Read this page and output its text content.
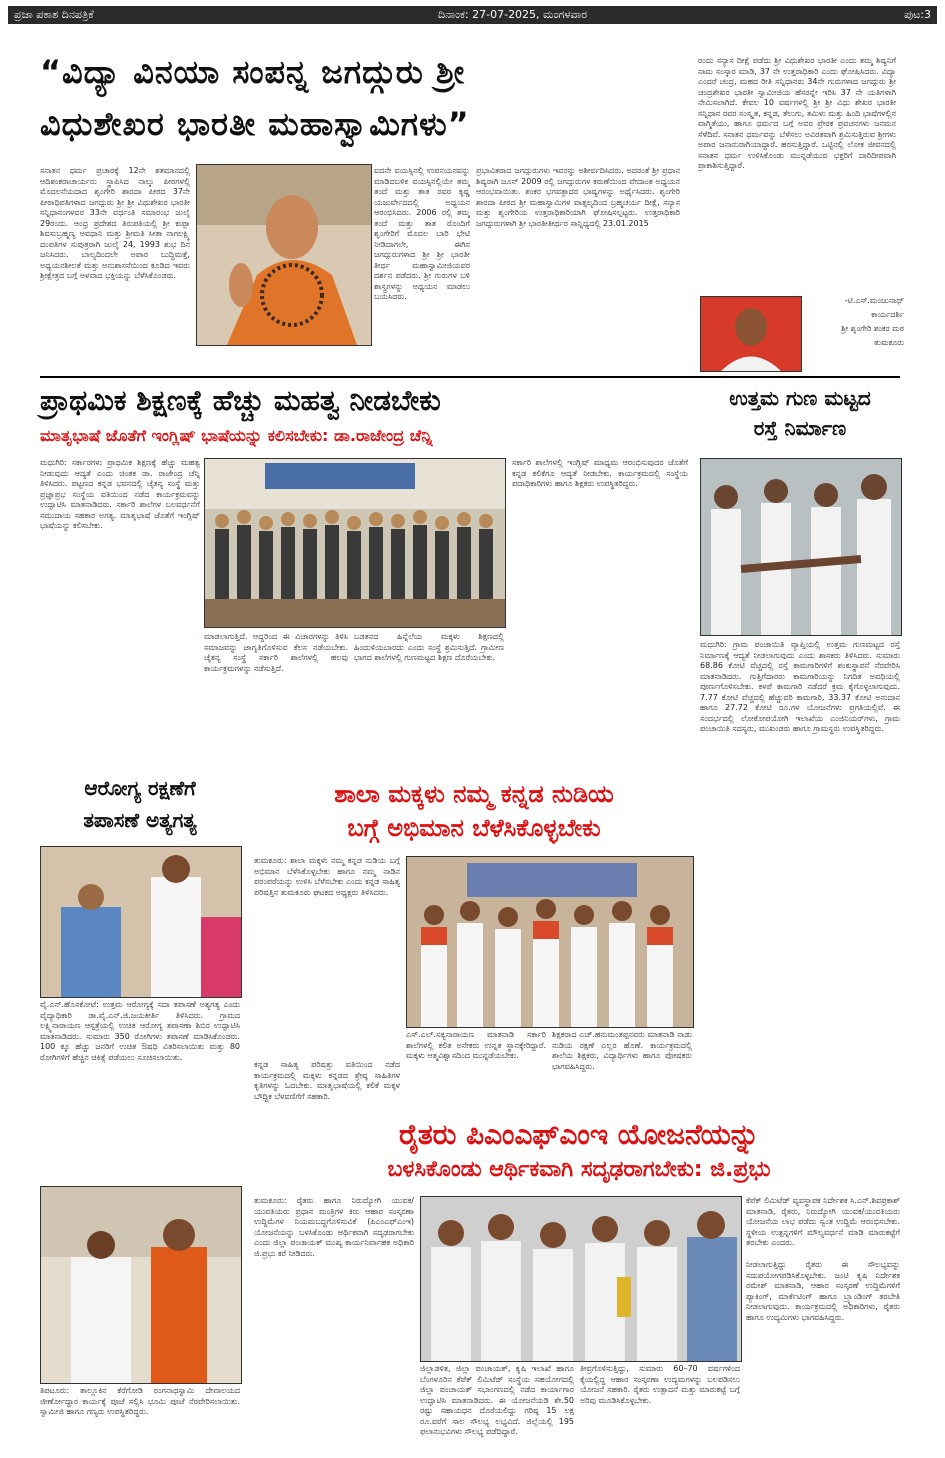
ಪ್ರಜಾ ಪಕಾಶ ದಿನಪತ್ರಿಕೆ	ದಿನಾಂಕ: 27-07-2025, ಮಂಗಳವಾರ	ಪುಟ:3
“ವಿದ್ಯಾ ವಿನಯಾ ಸಂಪನ್ನ ಜಗದ್ಗುರು ಶ್ರೀ
ವಿಧುಶೇಖರ ಭಾರತೀ ಮಹಾಸ್ವಾಮಿಗಳು”
ಸನಾತನ ಧರ್ಮ ಪ್ರಚಾರಕ್ಕೆ 12ನೇ ಶತಮಾನದಲ್ಲಿ ಆದಿಶಂಕರಾಚಾರ್ಯರು ಸ್ಥಾಪಿಸಿದ ನಾಲ್ಕು ಪೀಠಗಳಲ್ಲಿ ಮೊದಲನೆಯದಾದ ಶೃಂಗೇರಿ ಶಾರದಾ ಪೀಠದ 37ನೇ ಪೀಠಾಧಿಪತಿಗಳಾದ ಜಗದ್ಗುರು ಶ್ರೀ ಶ್ರೀ ವಿಧುಶೇಖರ ಭಾರತೀ ಸನ್ನಿಧಾನಂಗಳವರ 33ನೇ ವರ್ಧಂತಿ ಸಮಾರಂಭ ಜುಲೈ 29ರಂದು. ಆಂಧ್ರ ಪ್ರದೇಶದ ತಿರುಪತಿಯಲ್ಲಿ ಶ್ರೀ ಕುಪ್ಪಾ ಶಿವಸುಬ್ರಹ್ಮಣ್ಯ ಅವಧಾನಿ ಮತ್ತು ಶ್ರೀಮತಿ ಸೀತಾ ನಾಗಲಕ್ಷ್ಮಿ ದಂಪತಿಗಳ ಸುಪುತ್ರರಾಗಿ ಜುಲೈ 24, 1993 ಶುಭ ದಿನ ಜನಿಸಿದರು. ಬಾಲ್ಯದಿಂದಲೇ ಅಪಾರ ಬುದ್ಧಿಮತ್ತೆ, ಅಧ್ಯಯನಶೀಲತೆ ಮತ್ತು ಅನುಶಾಸನೆಯಿಂದ ಕೂಡಿದ ಇವರು ಶ್ರೀಕ್ಷೇತ್ರದ ಬಗ್ಗೆ ಅಳವಾದ ಭಕ್ತಿಯನ್ನು ಬೆಳೆಸಿಕೊಂಡರು.
ಐದನೇ ವಯಸ್ಸಿನಲ್ಲಿ ಉಪನಯನವನ್ನು ಮಾಡಿದಬಳಿಕ ವಯಸ್ಸಿನಲ್ಲಿಯೇ ತಮ್ಮ ತಂದೆ ಮತ್ತು ತಾತ ರವರ ಕೃಷ್ಣ ಯಜುರ್ವೇದದಲ್ಲಿ ಅಧ್ಯಯನ ಆರಂಭಿಸಿದರು. 2006 ರಲ್ಲಿ ತಮ್ಮ ತಂದೆ ಮತ್ತು ತಾತ ರೊಂದಿಗೆ ಶೃಂಗೇರಿಗೆ ಮೊದಲ ಬಾರಿ ಭೇಟಿ ನೀಡಿದಾಗಲೇ, ಈಗಿನ ಜಗದ್ಗುರುಗಳಾದ ಶ್ರೀ ಶ್ರೀ ಭಾರತೀ ತೀರ್ಥ ಮಹಾಸ್ವಾಮೀಜಿಯವರ ದರ್ಶನ ಪಡೆದರು. ಶ್ರೀ ಗುರುಗಳ ಬಳಿ ಶಾಸ್ತ್ರಗಳನ್ನು ಅಧ್ಯಯನ ಮಾಡಲು ಬಯಸಿದರು.
ಪ್ರಭಾವಿತರಾದ ಜಗದ್ಗುರುಗಳು ಇವರನ್ನು ಅಶೀರ್ವದಿಸಿದರು. ಅದರಂತೆ ಶ್ರೀ ಪ್ರಧಾನ ಶಿಷ್ಯರಾಗಿ ಜೂನ್ 2009 ರಲ್ಲಿ ಜಗದ್ಗುರುಗಳ ಕರುಣೆಯಿಂದ ವೇದಾಂತ ಅಧ್ಯಯನ ಆರಂಭವಾಯಿತು. ಶಂಕರ ಭಗವತ್ಪಾದರ ಭಾಷ್ಯಗಳನ್ನು ಅರ್ಥೈಸಿದರು. ಶೃಂಗೇರಿ ಶಾರದಾ ಪೀಠದ ಶ್ರೀ ಮಹಾಸ್ವಾಮಿಗಳ ವಾತ್ಸಲ್ಯದಿಂದ ಬ್ರಹ್ಮಚರ್ಯ ದೀಕ್ಷೆ, ಸನ್ಯಾಸ ಮತ್ತು ಶೃಂಗೇರಿಯ ಉತ್ತರಾಧಿಕಾರಿಯಾಗಿ ಘೋಷಿಸಲ್ಪಟ್ಟರು. ಉತ್ತರಾಧಿಕಾರಿ ಜಗದ್ಗುರುಗಳಾಗಿ ಶ್ರೀ ಭಾರತೀತೀರ್ಥರ ಸಾನ್ನಿಧ್ಯದಲ್ಲಿ 23.01.2015
ರಂದು ಸನ್ಯಾಸ ದೀಕ್ಷೆ ಪಡೆದು ಶ್ರೀ ವಿಧುಶೇಖರ ಭಾರತೀ ಎಂದು ತಮ್ಮ ಶಿಷ್ಯನಿಗೆ ನಾಮ ಸಂಸ್ಕಾರ ಮಾಡಿ, 37 ನೇ ಉತ್ತರಾಧಿಕಾರಿ ಎಂದು ಘೋಷಿಸಿದರು. ವಿದ್ಯಾ ಎಂದರೆ ಚಂದ್ರ, ಮಹದ ರೀತಿ ಸನ್ನಿಧಾನರು 34ನೇ ಗುರುಗಳಾದ ಜಗದ್ಗುರು ಶ್ರೀ ಚಂದ್ರಶೇಖರ ಭಾರತೀ ಸ್ವಾಮೀಜಿಯ ಹೆಸರನ್ನೇ ಇರಿಸಿ 37 ನೇ ಯತಿಗಳಾಗಿ ನೇಮಿಸಲಾಗಿದೆ. ಕೇವಲ 10 ವರ್ಷಗಳಲ್ಲಿ ಶ್ರೀ ಶ್ರೀ ವಿಧು ಶೇಖರ ಭಾರತೀ ಸನ್ನಿಧಾನ ರವರ ಸಂಸ್ಕೃತ, ಕನ್ನಡ, ತೆಲುಗು, ತಮಿಳು ಮತ್ತು ಹಿಂದಿ ಭಾಷೆಗಳಲ್ಲಿನ ವಾಗ್ಮಿತೆಯು, ಹಾಗೂ ಧರ್ಮದ ಬಗ್ಗೆ ಅವರ ಪ್ರೇರಕ ಪ್ರವಚನಗಳು ಜನಮನ ಸೆಳೆದಿವೆ. ಸನಾತನ ಧರ್ಮವನ್ನು ಬೆಳೆಸಲು ಅವಿರತವಾಗಿ ಶ್ರಮಿಸುತ್ತಿರುವ ಶ್ರೀಗಳು ಅಪಾರ ಜನಾನುರಾಗಿಯಾದ್ದಾರೆ. ಹರಸುತ್ತಿದ್ದಾರೆ. ಒಟ್ಟಿನಲ್ಲಿ ಲೋಕ ಜೀವನದಲ್ಲಿ ಸನಾತನ ಧರ್ಮ ಉಳಿಸಿಕೊಂಡು ಮುನ್ನಡೆಯುವ ಭಕ್ತರಿಗೆ ದಾರಿದೀಪವಾಗಿ ಪ್ರಾಕಾಶಿಸುತ್ತಿದ್ದಾರೆ.
-ಟಿ.ಎಸ್.ಮಂಜುನಾಥ್
ಕಾರ್ಯದರ್ಶಿ
ಶ್ರೀ ಶೃಂಗೇರಿ ಶಂಕರ ಮಠ
ತುಮಕೂರು
ಪ್ರಾಥಮಿಕ ಶಿಕ್ಷಣಕ್ಕೆ ಹೆಚ್ಚು ಮಹತ್ವ ನೀಡಬೇಕು
ಮಾತೃಭಾಷೆ ಜೊತೆಗೆ ಇಂಗ್ಲಿಷ್ ಭಾಷೆಯನ್ನು ಕಲಿಸಬೇಕು: ಡಾ.ರಾಜೇಂದ್ರ ಚೆನ್ನಿ
ಮಧುಗಿರಿ: ಸರ್ಕಾರಗಳು ಪ್ರಾಥಮಿಕ ಶಿಕ್ಷಣಕ್ಕೆ ಹೆಚ್ಚು ಮಹತ್ವ ನೀಡುವುದು ಆದ್ಯತೆ ಎಂದು ಚಿಂತಕ ಡಾ. ರಾಜೇಂದ್ರ ಚೆನ್ನಿ ತಿಳಿಸಿದರು. ಪಟ್ಟಣದ ಕನ್ನಡ ಭವನದಲ್ಲಿ ಚೈತನ್ಯ ಸಂಸ್ಥೆ ಮತ್ತು ಪ್ರಜ್ಞಾಪ್ರಭ ಸಂಸ್ಥೆಯ ವತಿಯಿಂದ ನಡೆದ ಕಾರ್ಯಕ್ರಮವನ್ನು ಉದ್ಘಾಟಿಸಿ ಮಾತನಾಡಿದರು. ಸರ್ಕಾರಿ ಶಾಲೆಗಳ ಬಲವರ್ಧನೆಗೆ ಸಮುದಾಯ ಸಹಕಾರ ಅಗತ್ಯ. ಮಾತೃಭಾಷೆ ಜೊತೆಗೆ ಇಂಗ್ಲಿಷ್ ಭಾಷೆಯನ್ನು ಕಲಿಸಬೇಕು.
ಮಾಡಲಾಗುತ್ತಿದೆ. ಆದ್ದರಿಂದ ಈ ವಿಚಾರಗಳನ್ನು ತಿಳಿಸಿ ಸಮಾಜವನ್ನು ಜಾಗೃತಿಗೊಳಿಸುವ ಕೆಲಸ ನಡೆಯಬೇಕು. ಚೈತನ್ಯ ಸಂಸ್ಥೆ ಸರ್ಕಾರಿ ಶಾಲೆಗಳಲ್ಲಿ ಹಲವು ಕಾರ್ಯಕ್ರಮಗಳನ್ನು ನಡೆಸುತ್ತಿದೆ.
ಬಡತನದ ಹಿನ್ನೆಲೆಯ ಮಕ್ಕಳು ಶಿಕ್ಷಣದಲ್ಲಿ ಹಿಂದುಳಿಯಬಾರದು ಎಂದು ಸಂಸ್ಥೆ ಶ್ರಮಿಸುತ್ತಿದೆ. ಗ್ರಾಮೀಣ ಭಾಗದ ಶಾಲೆಗಳಲ್ಲಿ ಗುಣಮಟ್ಟದ ಶಿಕ್ಷಣ ದೊರೆಯಬೇಕು.
ಸರ್ಕಾರಿ ಶಾಲೆಗಳಲ್ಲಿ ಇಂಗ್ಲಿಷ್ ಮಾಧ್ಯಮ ಆರಂಭಿಸುವುದರ ಜೊತೆಗೆ ಕನ್ನಡ ಕಲಿಕೆಗೂ ಆದ್ಯತೆ ನೀಡಬೇಕು. ಕಾರ್ಯಕ್ರಮದಲ್ಲಿ ಸಂಸ್ಥೆಯ ಪದಾಧಿಕಾರಿಗಳು ಹಾಗೂ ಶಿಕ್ಷಕರು ಉಪಸ್ಥಿತರಿದ್ದರು.
ಉತ್ತಮ ಗುಣ ಮಟ್ಟದ
ರಸ್ತೆ ನಿರ್ಮಾಣ
ಮಧುಗಿರಿ: ಗ್ರಾಮ ಪಂಚಾಯಿತಿ ವ್ಯಾಪ್ತಿಯಲ್ಲಿ ಉತ್ತಮ ಗುಣಮಟ್ಟದ ರಸ್ತೆ ನಿರ್ಮಾಣಕ್ಕೆ ಆದ್ಯತೆ ನೀಡಲಾಗುವುದು ಎಂದು ಶಾಸಕರು ತಿಳಿಸಿದರು. ಸುಮಾರು 68.86 ಕೋಟಿ ವೆಚ್ಚದಲ್ಲಿ ರಸ್ತೆ ಕಾಮಗಾರಿಗಳಿಗೆ ಶಂಕುಸ್ಥಾಪನೆ ನೆರವೇರಿಸಿ ಮಾತನಾಡಿದರು. ಗುತ್ತಿಗೆದಾರರು ಕಾಮಗಾರಿಯನ್ನು ನಿಗದಿತ ಅವಧಿಯಲ್ಲಿ ಪೂರ್ಣಗೊಳಿಸಬೇಕು. ಕಳಪೆ ಕಾಮಗಾರಿ ನಡೆದರೆ ಕ್ರಮ ಕೈಗೊಳ್ಳಲಾಗುವುದು. 7.77 ಕೋಟಿ ವೆಚ್ಚದಲ್ಲಿ ಹೆಚ್ಚುವರಿ ಕಾಮಗಾರಿ, 33.37 ಕೋಟಿ ಅನುದಾನ ಹಾಗೂ 27.72 ಕೋಟಿ ರೂ.ಗಳ ಯೋಜನೆಗಳು ಪ್ರಗತಿಯಲ್ಲಿವೆ. ಈ ಸಂದರ್ಭದಲ್ಲಿ ಲೋಕೋಪಯೋಗಿ ಇಲಾಖೆಯ ಎಂಜಿನಿಯರ್‌ಗಳು, ಗ್ರಾಮ ಪಂಚಾಯಿತಿ ಸದಸ್ಯರು, ಮುಖಂಡರು ಹಾಗೂ ಗ್ರಾಮಸ್ಥರು ಉಪಸ್ಥಿತರಿದ್ದರು.
ಆರೋಗ್ಯ ರಕ್ಷಣೆಗೆ
ತಪಾಸಣೆ ಅತ್ಯಗತ್ಯ
ವೈ.ಎನ್.ಹೊಸಕೋಟೆ: ಉತ್ತಮ ಆರೋಗ್ಯಕ್ಕೆ ಸದಾ ತಪಾಸಣೆ ಅತ್ಯಗತ್ಯ ಎಂದು ವೈದ್ಯಾಧಿಕಾರಿ ಡಾ.ವೈ.ಎನ್.ಜಿ.ಜಯಕೀರ್ತಿ ತಿಳಿಸಿದರು. ಗ್ರಾಮದ ಲಕ್ಷ್ಮಿನಾರಾಯಣ ಆಸ್ಪತ್ರೆಯಲ್ಲಿ ಉಚಿತ ಆರೋಗ್ಯ ತಪಾಸಣಾ ಶಿಬಿರ ಉದ್ಘಾಟಿಸಿ ಮಾತನಾಡಿದರು. ಸುಮಾರು 350 ರೋಗಿಗಳು ತಪಾಸಣೆ ಮಾಡಿಸಿಕೊಂಡರು. 100 ಕ್ಕೂ ಹೆಚ್ಚು ಜನರಿಗೆ ಉಚಿತ ಔಷಧಿ ವಿತರಿಸಲಾಯಿತು ಮತ್ತು 80 ರೋಗಿಗಳಿಗೆ ಹೆಚ್ಚಿನ ಚಿಕಿತ್ಸೆ ಪಡೆಯಲು ಸೂಚಿಸಲಾಯಿತು.
ಶಾಲಾ ಮಕ್ಕಳು ನಮ್ಮ ಕನ್ನಡ ನುಡಿಯ
ಬಗ್ಗೆ ಅಭಿಮಾನ ಬೆಳೆಸಿಕೊಳ್ಳಬೇಕು
ತುಮಕೂರು: ಶಾಲಾ ಮಕ್ಕಳು ನಮ್ಮ ಕನ್ನಡ ನುಡಿಯ ಬಗ್ಗೆ ಅಭಿಮಾನ ಬೆಳೆಸಿಕೊಳ್ಳಬೇಕು ಹಾಗೂ ನಮ್ಮ ನಾಡಿನ ಪರಂಪರೆಯನ್ನು ಉಳಿಸಿ ಬೆಳೆಸಬೇಕು ಎಂದು ಕನ್ನಡ ಸಾಹಿತ್ಯ ಪರಿಷತ್ತಿನ ತುಮಕೂರು ಘಟಕದ ಅಧ್ಯಕ್ಷರು ತಿಳಿಸಿದರು.
ಎಸ್.ಎಲ್.ಸತ್ಯನಾರಾಯಣ ಮಾತನಾಡಿ ಸರ್ಕಾರಿ ಶಾಲೆಗಳಲ್ಲಿ ಕಲಿತ ಅನೇಕರು ಉನ್ನತ ಸ್ಥಾನಕ್ಕೇರಿದ್ದಾರೆ. ಮಕ್ಕಳು ಆತ್ಮವಿಶ್ವಾಸದಿಂದ ಮುನ್ನಡೆಯಬೇಕು.
ಶಿಕ್ಷಕರಾದ ಎಚ್.ಹನುಮಂತಪ್ಪನವರು ಮಾತನಾಡಿ ನಾಡು ನುಡಿಯ ರಕ್ಷಣೆ ಎಲ್ಲರ ಹೊಣೆ. ಕಾರ್ಯಕ್ರಮದಲ್ಲಿ ಶಾಲೆಯ ಶಿಕ್ಷಕರು, ವಿದ್ಯಾರ್ಥಿಗಳು ಹಾಗೂ ಪೋಷಕರು ಭಾಗವಹಿಸಿದ್ದರು.
ಕನ್ನಡ ಸಾಹಿತ್ಯ ಪರಿಷತ್ತು ವತಿಯಿಂದ ನಡೆದ ಕಾರ್ಯಕ್ರಮದಲ್ಲಿ ಮಕ್ಕಳು ಕನ್ನಡದ ಶ್ರೇಷ್ಠ ಸಾಹಿತಿಗಳ ಕೃತಿಗಳನ್ನು ಓದಬೇಕು. ಮಾತೃಭಾಷೆಯಲ್ಲಿ ಕಲಿಕೆ ಮಕ್ಕಳ ಬೌದ್ಧಿಕ ಬೆಳವಣಿಗೆಗೆ ಸಹಕಾರಿ.
ರೈತರು ಪಿಎಂಎಫ್‌ಎಂಇ ಯೋಜನೆಯನ್ನು
ಬಳಸಿಕೊಂಡು ಆರ್ಥಿಕವಾಗಿ ಸದೃಢರಾಗಬೇಕು: ಜಿ.ಪ್ರಭು
ತುಮಕೂರು: ರೈತರು ಹಾಗೂ ನಿರುದ್ಯೋಗಿ ಯುವಕ/ಯುವತಿಯರು ಪ್ರಧಾನ ಮಂತ್ರಿಗಳ ಕಿರು ಆಹಾರ ಸಂಸ್ಕರಣಾ ಉದ್ದಿಮೆಗಳ ನಿಯಮಬದ್ಧಗೊಳಿಸುವಿಕೆ (ಪಿಎಂಎಫ್‌ಎಂಇ) ಯೋಜನೆಯನ್ನು ಬಳಸಿಕೊಂಡು ಆರ್ಥಿಕವಾಗಿ ಸದೃಢರಾಗಬೇಕು ಎಂದು ಜಿಲ್ಲಾ ಪಂಚಾಯತ್ ಮುಖ್ಯ ಕಾರ್ಯನಿರ್ವಾಹಕ ಅಧಿಕಾರಿ ಜಿ.ಪ್ರಭು ಕರೆ ನೀಡಿದರು.
ಜಿಲ್ಲಾಡಳಿತ, ಜಿಲ್ಲಾ ಪಂಚಾಯತ್, ಕೃಷಿ ಇಲಾಖೆ ಹಾಗೂ ಬೆಂಗಳೂರಿನ ಕೆಪೆಕ್ ಲಿಮಿಟೆಡ್ ಸಂಸ್ಥೆಯ ಸಹಯೋಗದಲ್ಲಿ ಜಿಲ್ಲಾ ಪಂಚಾಯತ್ ಸಭಾಂಗಣದಲ್ಲಿ ನಡೆದ ಕಾರ್ಯಾಗಾರ ಉದ್ಘಾಟಿಸಿ ಮಾತನಾಡಿದರು. ಈ ಯೋಜನೆಯಡಿ ಶೇ.50 ರಷ್ಟು ಸಹಾಯಧನ ದೊರೆಯಲಿದ್ದು ಗರಿಷ್ಠ 15 ಲಕ್ಷ ರೂ.ವರೆಗೆ ಸಾಲ ಸೌಲಭ್ಯ ಲಭ್ಯವಿದೆ. ಜಿಲ್ಲೆಯಲ್ಲಿ 195 ಫಲಾನುಭವಿಗಳು ಸೌಲಭ್ಯ ಪಡೆದಿದ್ದಾರೆ.
ತೀವ್ರಗೊಳಿಸುತ್ತಿದ್ದು, ಸುಮಾರು 60–70 ವರ್ಷಗಳಿಂದ ಕೈಯಲ್ಲಿದ್ದ ಆಹಾರ ಸಂಸ್ಕರಣಾ ಉದ್ಯಮಗಳನ್ನು ಬಲಪಡಿಸಲು ಯೋಜನೆ ಸಹಕಾರಿ. ರೈತರು ಉತ್ಪಾದನೆ ಮತ್ತು ಮಾರುಕಟ್ಟೆ ಬಗ್ಗೆ ಅರಿವು ಮೂಡಿಸಿಕೊಳ್ಳಬೇಕು.
ಕೆಪೆಕ್ ಲಿಮಿಟೆಡ್ ವ್ಯವಸ್ಥಾಪಕ ನಿರ್ದೇಶಕ ಸಿ.ಎನ್.ಶಿವಪ್ರಕಾಶ್ ಮಾತನಾಡಿ, ರೈತರು, ನಿರುದ್ಯೋಗಿ ಯುವಕ/ಯುವತಿಯರು ಯೋಜನೆಯ ಲಾಭ ಪಡೆದು ಸ್ವಂತ ಉದ್ದಿಮೆ ಆರಂಭಿಸಬೇಕು. ಸ್ಥಳೀಯ ಉತ್ಪನ್ನಗಳಿಗೆ ಮೌಲ್ಯವರ್ಧನೆ ಮಾಡಿ ಮಾರುಕಟ್ಟೆಗೆ ತರಬೇಕು ಎಂದರು.
ನೀಡಲಾಗುತ್ತಿದ್ದು ರೈತರು ಈ ಸೌಲಭ್ಯವನ್ನು ಸದುಪಯೋಗಪಡಿಸಿಕೊಳ್ಳಬೇಕು. ಜಂಟಿ ಕೃಷಿ ನಿರ್ದೇಶಕ ರಮೇಶ್ ಮಾತನಾಡಿ, ಆಹಾರ ಸಂಸ್ಕರಣೆ ಉದ್ದಿಮೆಗಳಿಗೆ ಪ್ಯಾಕಿಂಗ್, ಮಾರ್ಕೆಟಿಂಗ್ ಹಾಗೂ ಬ್ರ್ಯಾಂಡಿಂಗ್ ತರಬೇತಿ ನೀಡಲಾಗುವುದು. ಕಾರ್ಯಕ್ರಮದಲ್ಲಿ ಅಧಿಕಾರಿಗಳು, ರೈತರು ಹಾಗೂ ಉದ್ಯಮಿಗಳು ಭಾಗವಹಿಸಿದ್ದರು.
ತಿಪಟೂರು: ತಾಲ್ಲೂಕಿನ ಕೆರೆಗೋಡಿ ರಂಗನಾಥಸ್ವಾಮಿ ದೇವಾಲಯದ ಜೀರ್ಣೋದ್ಧಾರ ಕಾರ್ಯಕ್ಕೆ ಪೂಜೆ ಸಲ್ಲಿಸಿ ಭೂಮಿ ಪೂಜೆ ನೆರವೇರಿಸಲಾಯಿತು. ಸ್ವಾಮೀಜಿ ಹಾಗೂ ಗಣ್ಯರು ಉಪಸ್ಥಿತರಿದ್ದರು.
